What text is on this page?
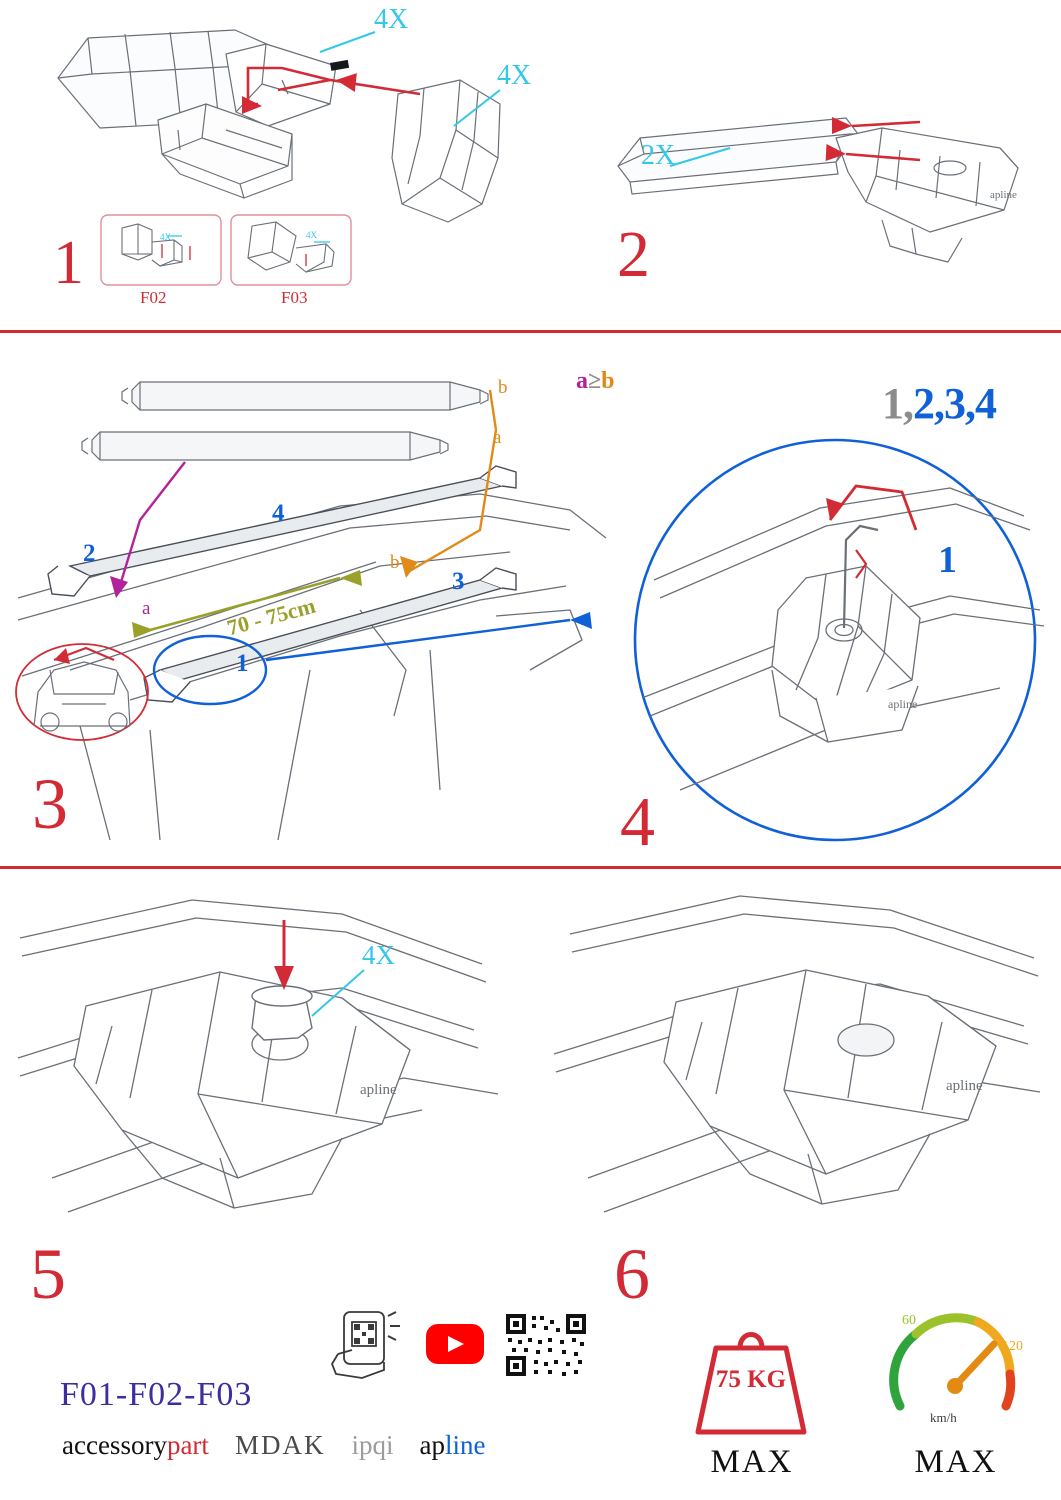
4X
4X
4X	4X
F02	F03
1
apline
2X
2
b
a
2
4
3
1
a
b
70 - 75cm
a≥b
3
apline
1,2,3,4
1
4
apline
4X
apline
5	6
F01-F02-F03
accessorypart MDAK ipqi apline
75 KG
MAX
60
120
km/h
MAX
